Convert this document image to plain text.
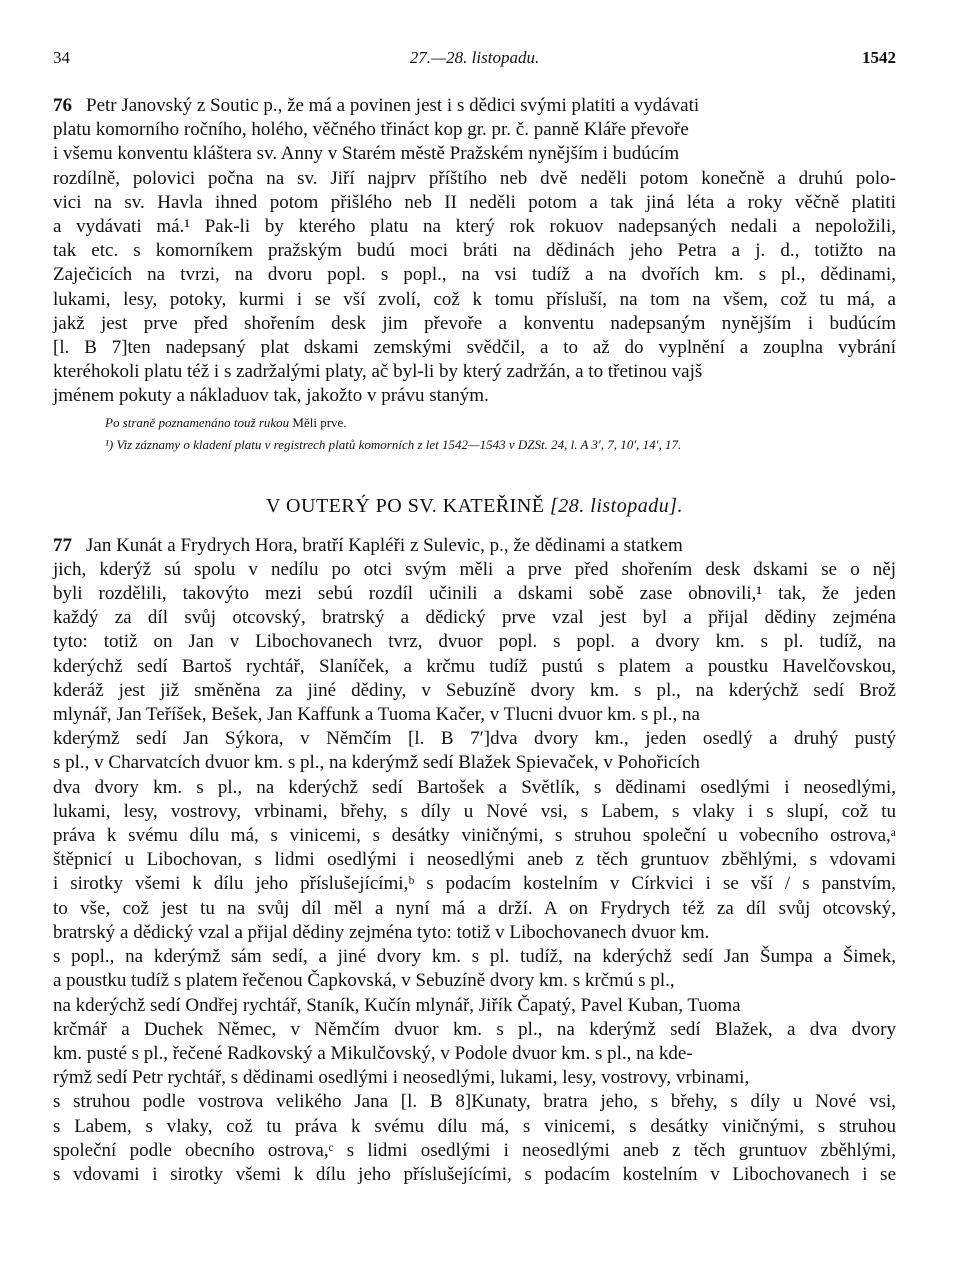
34	27.—28. listopadu.	1542
76 Petr Janovský z Soutic p., že má a povinen jest i s dědici svými platiti a vydávati
platu komorního ročního, holého, věčného třináct kop gr. pr. č. panně Kláře převoře
i všemu konventu kláštera sv. Anny v Starém městě Pražském nynějším i budúcím
rozdílně, polovici počna na sv. Jiří najprv příštího neb dvě neděli potom konečně a druhú polo-
vici na sv. Havla ihned potom přišlého neb II neděli potom a tak jiná léta a roky věčně platiti
a vydávati má.¹ Pak-li by kterého platu na který rok rokuov nadepsaných nedali a nepoložili,
tak etc. s komorníkem pražským budú moci bráti na dědinách jeho Petra a j. d., totižto na
Zaječicích na tvrzi, na dvoru popl. s popl., na vsi tudíž a na dvořích km. s pl., dědinami,
lukami, lesy, potoky, kurmi i se vší zvolí, což k tomu přísluší, na tom na všem, což tu má, a
jakž jest prve před shořením desk jim převoře a konventu nadepsaným nynějším i budúcím
[l. B 7]ten nadepsaný plat dskami zemskými svědčil, a to až do vyplnění a zouplna vybrání
kteréhokoli platu též i s zadržalými platy, ač byl-li by který zadržán, a to třetinou vajš
jménem pokuty a nákladuov tak, jakožto v právu staným.
Po straně poznamenáno touž rukou Měli prve.
¹) Viz záznamy o kladení platu v registrech platů komorních z let 1542—1543 v DZSt. 24, l. A 3′, 7, 10′, 14′, 17.
V OUTERÝ PO SV. KATEŘINĚ [28. listopadu].
77 Jan Kunát a Frydrych Hora, bratří Kapléři z Sulevic, p., že dědinami a statkem
jich, kderýž sú spolu v nedílu po otci svým měli a prve před shořením desk dskami se o něj
byli rozdělili, takovýto mezi sebú rozdíl učinili a dskami sobě zase obnovili,¹ tak, že jeden
každý za díl svůj otcovský, bratrský a dědický prve vzal jest byl a přijal dědiny zejména
tyto: totiž on Jan v Libochovanech tvrz, dvuor popl. s popl. a dvory km. s pl. tudíž, na
kderýchž sedí Bartoš rychtář, Slaníček, a krčmu tudíž pustú s platem a poustku Havelčovskou,
kderáž jest již směněna za jiné dědiny, v Sebuzíně dvory km. s pl., na kderýchž sedí Brož
mlynář, Jan Teříšek, Bešek, Jan Kaffunk a Tuoma Kačer, v Tlucni dvuor km. s pl., na
kderýmž sedí Jan Sýkora, v Němčím [l. B 7′]dva dvory km., jeden osedlý a druhý pustý
s pl., v Charvatcích dvuor km. s pl., na kderýmž sedí Blažek Spievaček, v Pohořicích
dva dvory km. s pl., na kderýchž sedí Bartošek a Světlík, s dědinami osedlými i neosedlými,
lukami, lesy, vostrovy, vrbinami, břehy, s díly u Nové vsi, s Labem, s vlaky i s slupí, což tu
práva k svému dílu má, s vinicemi, s desátky viničnými, s struhou společní u vobecního ostrova,ᵃ
štěpnicí u Libochovan, s lidmi osedlými i neosedlými aneb z těch gruntuov zběhlými, s vdovami
i sirotky všemi k dílu jeho příslušejícími,ᵇ s podacím kostelním v Církvici i se vší / s panstvím,
to vše, což jest tu na svůj díl měl a nyní má a drží. A on Frydrych též za díl svůj otcovský,
bratrský a dědický vzal a přijal dědiny zejména tyto: totiž v Libochovanech dvuor km.
s popl., na kderýmž sám sedí, a jiné dvory km. s pl. tudíž, na kderýchž sedí Jan Šumpa a Šimek,
a poustku tudíž s platem řečenou Čapkovská, v Sebuzíně dvory km. s krčmú s pl.,
na kderýchž sedí Ondřej rychtář, Staník, Kučín mlynář, Jiřík Čapatý, Pavel Kuban, Tuoma
krčmář a Duchek Němec, v Němčím dvuor km. s pl., na kderýmž sedí Blažek, a dva dvory
km. pusté s pl., řečené Radkovský a Mikulčovský, v Podole dvuor km. s pl., na kde-
rýmž sedí Petr rychtář, s dědinami osedlými i neosedlými, lukami, lesy, vostrovy, vrbinami,
s struhou podle vostrova velikého Jana [l. B 8]Kunaty, bratra jeho, s břehy, s díly u Nové vsi,
s Labem, s vlaky, což tu práva k svému dílu má, s vinicemi, s desátky viničnými, s struhou
společní podle obecního ostrova,ᶜ s lidmi osedlými i neosedlými aneb z těch gruntuov zběhlými,
s vdovami i sirotky všemi k dílu jeho příslušejícími, s podacím kostelním v Libochovanech i se
